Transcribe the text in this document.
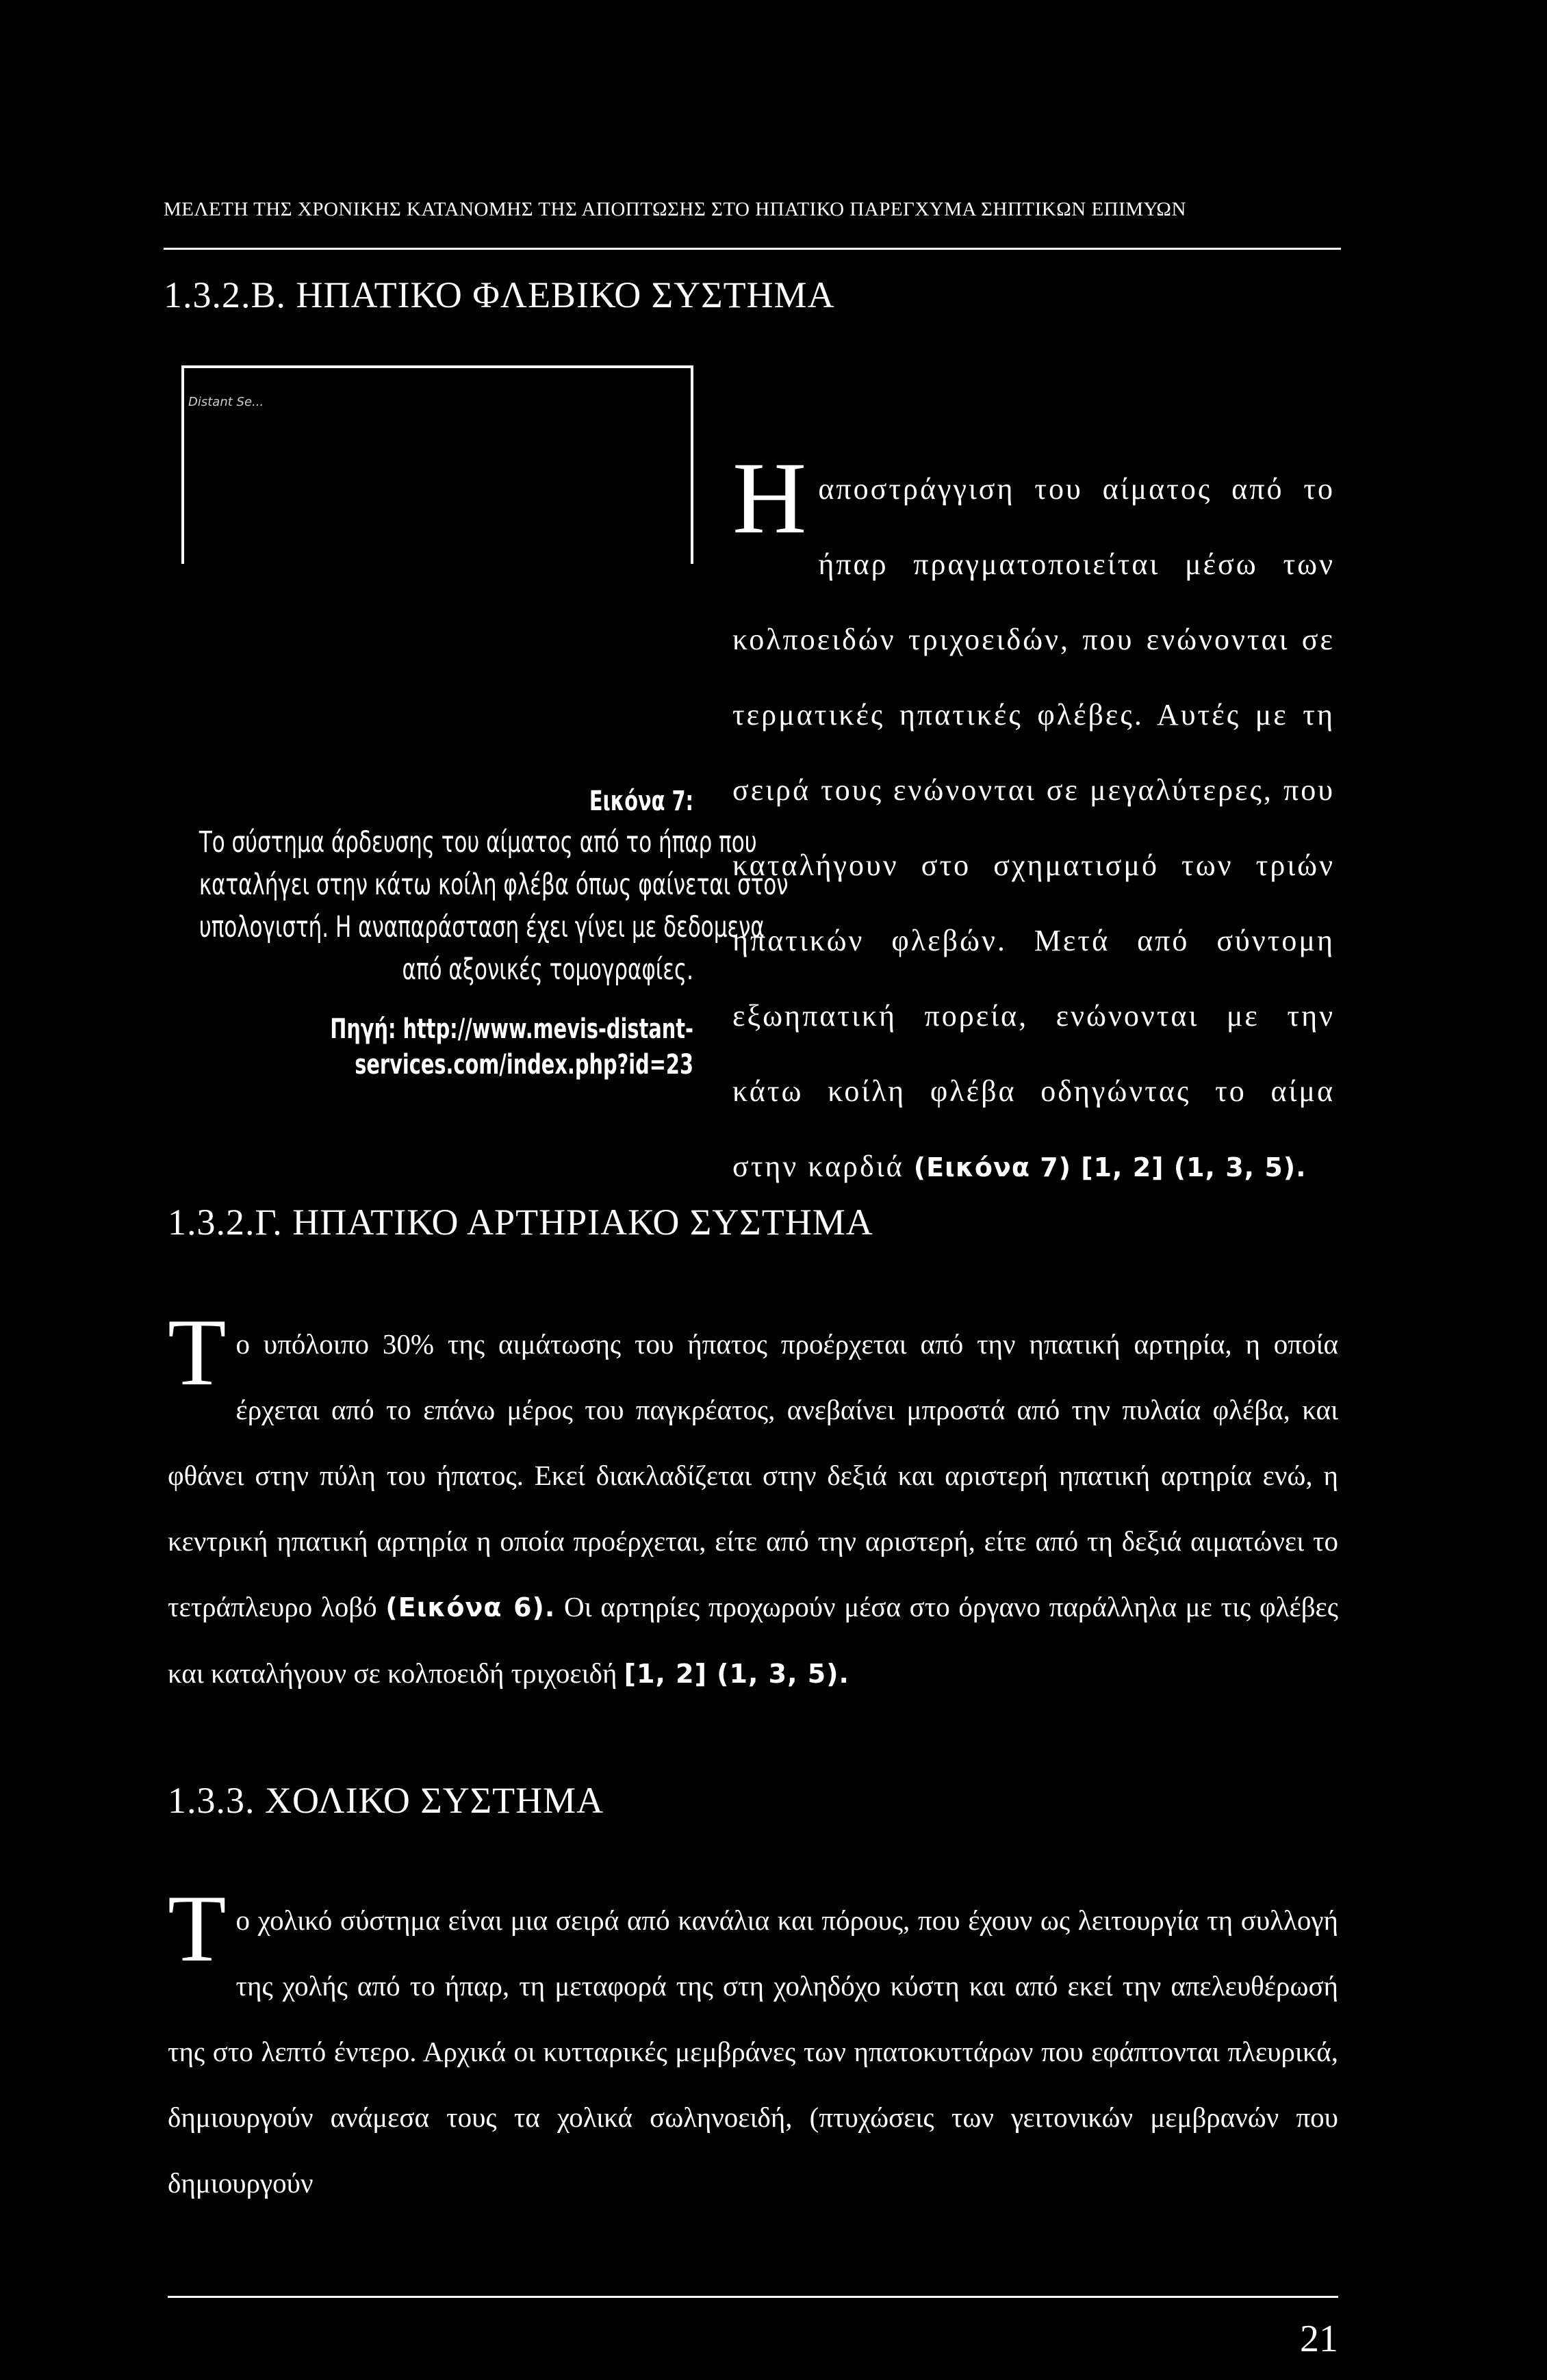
ΜΕΛΕΤΗ ΤΗΣ ΧΡΟΝΙΚΗΣ ΚΑΤΑΝΟΜΗΣ ΤΗΣ ΑΠΟΠΤΩΣΗΣ ΣΤΟ ΗΠΑΤΙΚΟ ΠΑΡΕΓΧΥΜΑ ΣΗΠΤΙΚΩΝ ΕΠΙΜΥΩΝ
1.3.2.Β. ΗΠΑΤΙΚΟ ΦΛΕΒΙΚΟ ΣΥΣΤΗΜΑ
Distant Se...
Εικόνα 7:
Το σύστημα άρδευσης του αίματος από το ήπαρ που
καταλήγει στην κάτω κοίλη φλέβα όπως φαίνεται στον
υπολογιστή. Η αναπαράσταση έχει γίνει με δεδομενα
από αξονικές τομογραφίες.
Πηγή: http://www.mevis-distant-
services.com/index.php?id=23
Η αποστράγγιση του αίματος από το ήπαρ πραγματοποιείται μέσω των κολποειδών τριχοειδών, που ενώνονται σε τερματικές ηπατικές φλέβες. Αυτές με τη σειρά τους ενώνονται σε μεγαλύτερες, που καταλήγουν στο σχηματισμό των τριών ηπατικών φλεβών. Μετά από σύντομη εξωηπατική πορεία, ενώνονται με την κάτω κοίλη φλέβα οδηγώντας το αίμα στην καρδιά (Εικόνα 7) [1, 2] (1, 3, 5).
1.3.2.Γ. ΗΠΑΤΙΚΟ ΑΡΤΗΡΙΑΚΟ ΣΥΣΤΗΜΑ
Τ ο υπόλοιπο 30% της αιμάτωσης του ήπατος προέρχεται από την ηπατική αρτηρία, η οποία έρχεται από το επάνω μέρος του παγκρέατος, ανεβαίνει μπροστά από την πυλαία φλέβα, και φθάνει στην πύλη του ήπατος. Εκεί διακλαδίζεται στην δεξιά και αριστερή ηπατική αρτηρία ενώ, η κεντρική ηπατική αρτηρία η οποία προέρχεται, είτε από την αριστερή, είτε από τη δεξιά αιματώνει το τετράπλευρο λοβό (Εικόνα 6). Οι αρτηρίες προχωρούν μέσα στο όργανο παράλληλα με τις φλέβες και καταλήγουν σε κολποειδή τριχοειδή [1, 2] (1, 3, 5).
1.3.3. ΧΟΛΙΚΟ ΣΥΣΤΗΜΑ
Τ ο χολικό σύστημα είναι μια σειρά από κανάλια και πόρους, που έχουν ως λειτουργία τη συλλογή της χολής από το ήπαρ, τη μεταφορά της στη χοληδόχο κύστη και από εκεί την απελευθέρωσή της στο λεπτό έντερο. Αρχικά οι κυτταρικές μεμβράνες των ηπατοκυττάρων που εφάπτονται πλευρικά, δημιουργούν ανάμεσα τους τα χολικά σωληνοειδή, (πτυχώσεις των γειτονικών μεμβρανών που δημιουργούν
21
